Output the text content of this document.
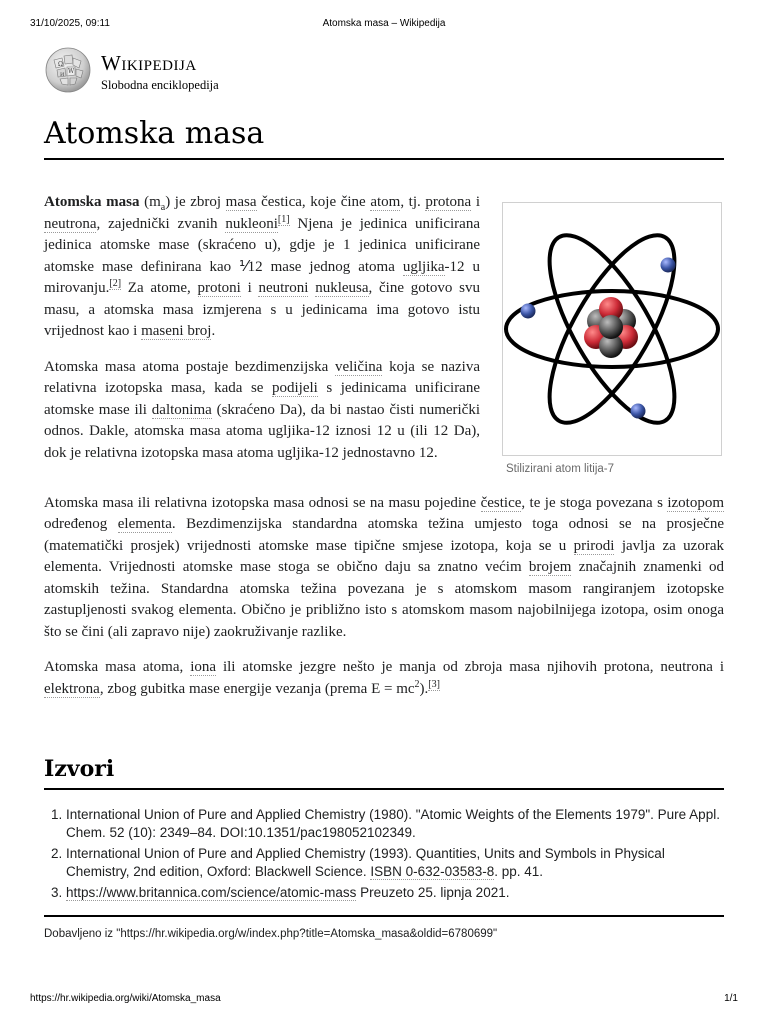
31/10/2025, 09:11	Atomska masa – Wikipedija
Ω
W
И Wikipedija
Slobodna enciklopedija
Atomska masa
Stilizirani atom litija-7

Atomska masa $(m_a)$ je zbroj masa čestica, koje čine atom, tj. protona i neutrona, zajednički zvanih nukleoni[1] Njena je jedinica unificirana jedinica atomske mase (skraćeno u), gdje je 1 jedinica unificirane atomske mase definirana kao ⅟12 mase jednog atoma ugljika-12 u mirovanju.[2] Za atome, protoni i neutroni nukleusa, čine gotovo svu masu, a atomska masa izmjerena s u jedinicama ima gotovo istu vrijednost kao i maseni broj.

Atomska masa atoma postaje bezdimenzijska veličina koja se naziva relativna izotopska masa, kada se podijeli s jedinicama unificirane atomske mase ili daltonima (skraćeno Da), da bi nastao čisti numerički odnos. Dakle, atomska masa atoma ugljika-12 iznosi 12 u (ili 12 Da), dok je relativna izotopska masa atoma ugljika-12 jednostavno 12.

Atomska masa ili relativna izotopska masa odnosi se na masu pojedine čestice, te je stoga povezana s izotopom određenog elementa. Bezdimenzijska standardna atomska težina umjesto toga odnosi se na prosječne (matematički prosjek) vrijednosti atomske mase tipične smjese izotopa, koja se u prirodi javlja za uzorak elementa. Vrijednosti atomske mase stoga se obično daju sa znatno većim brojem značajnih znamenki od atomskih težina. Standardna atomska težina povezana je s atomskom masom rangiranjem izotopske zastupljenosti svakog elementa. Obično je približno isto s atomskom masom najobilnijega izotopa, osim onoga što se čini (ali zapravo nije) zaokruživanje razlike.

Atomska masa atoma, iona ili atomske jezgre nešto je manja od zbroja masa njihovih protona, neutrona i elektrona, zbog gubitka mase energije vezanja (prema $E = mc^2).[3]$

Izvori
1. International Union of Pure and Applied Chemistry (1980). "Atomic Weights of the Elements 1979". Pure Appl. Chem. 52 (10): 2349–84. DOI:10.1351/pac198052102349.
2. International Union of Pure and Applied Chemistry (1993). Quantities, Units and Symbols in Physical Chemistry, 2nd edition, Oxford: Blackwell Science. ISBN 0-632-03583-8. pp. 41.
3. https://www.britannica.com/science/atomic-mass Preuzeto 25. lipnja 2021.
Dobavljeno iz "https://hr.wikipedia.org/w/index.php?title=Atomska_masa&oldid=6780699"
https://hr.wikipedia.org/wiki/Atomska_masa	1/1
